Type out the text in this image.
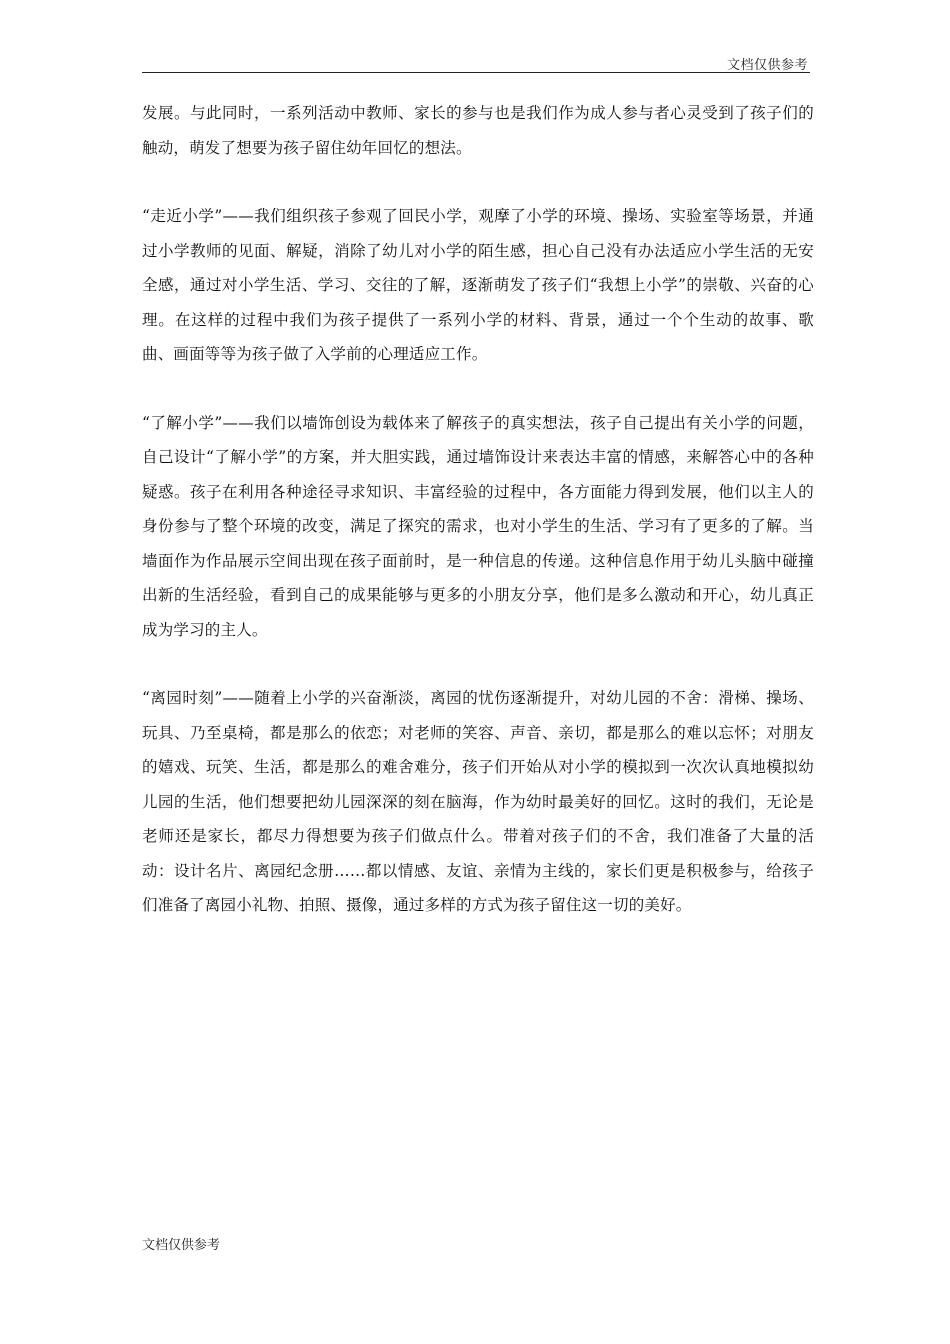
文档仅供参考

发展。与此同时，一系列活动中教师、家长的参与也是我们作为成人参与者心灵受到了孩子们的触动，萌发了想要为孩子留住幼年回忆的想法。

“走近小学”——我们组织孩子参观了回民小学，观摩了小学的环境、操场、实验室等场景，并通过小学教师的见面、解疑，消除了幼儿对小学的陌生感，担心自己没有办法适应小学生活的无安全感，通过对小学生活、学习、交往的了解，逐渐萌发了孩子们“我想上小学”的崇敬、兴奋的心理。在这样的过程中我们为孩子提供了一系列小学的材料、背景，通过一个个生动的故事、歌曲、画面等等为孩子做了入学前的心理适应工作。

“了解小学”——我们以墙饰创设为载体来了解孩子的真实想法，孩子自己提出有关小学的问题，自己设计“了解小学”的方案，并大胆实践，通过墙饰设计来表达丰富的情感，来解答心中的各种疑惑。孩子在利用各种途径寻求知识、丰富经验的过程中，各方面能力得到发展，他们以主人的身份参与了整个环境的改变，满足了探究的需求，也对小学生的生活、学习有了更多的了解。当墙面作为作品展示空间出现在孩子面前时，是一种信息的传递。这种信息作用于幼儿头脑中碰撞出新的生活经验，看到自己的成果能够与更多的小朋友分享，他们是多么激动和开心，幼儿真正成为学习的主人。

“离园时刻”——随着上小学的兴奋渐淡，离园的忧伤逐渐提升，对幼儿园的不舍：滑梯、操场、玩具、乃至桌椅，都是那么的依恋；对老师的笑容、声音、亲切，都是那么的难以忘怀；对朋友的嬉戏、玩笑、生活，都是那么的难舍难分，孩子们开始从对小学的模拟到一次次认真地模拟幼儿园的生活，他们想要把幼儿园深深的刻在脑海，作为幼时最美好的回忆。这时的我们，无论是老师还是家长，都尽力得想要为孩子们做点什么。带着对孩子们的不舍，我们准备了大量的活动：设计名片、离园纪念册……都以情感、友谊、亲情为主线的，家长们更是积极参与，给孩子们准备了离园小礼物、拍照、摄像，通过多样的方式为孩子留住这一切的美好。

文档仅供参考
